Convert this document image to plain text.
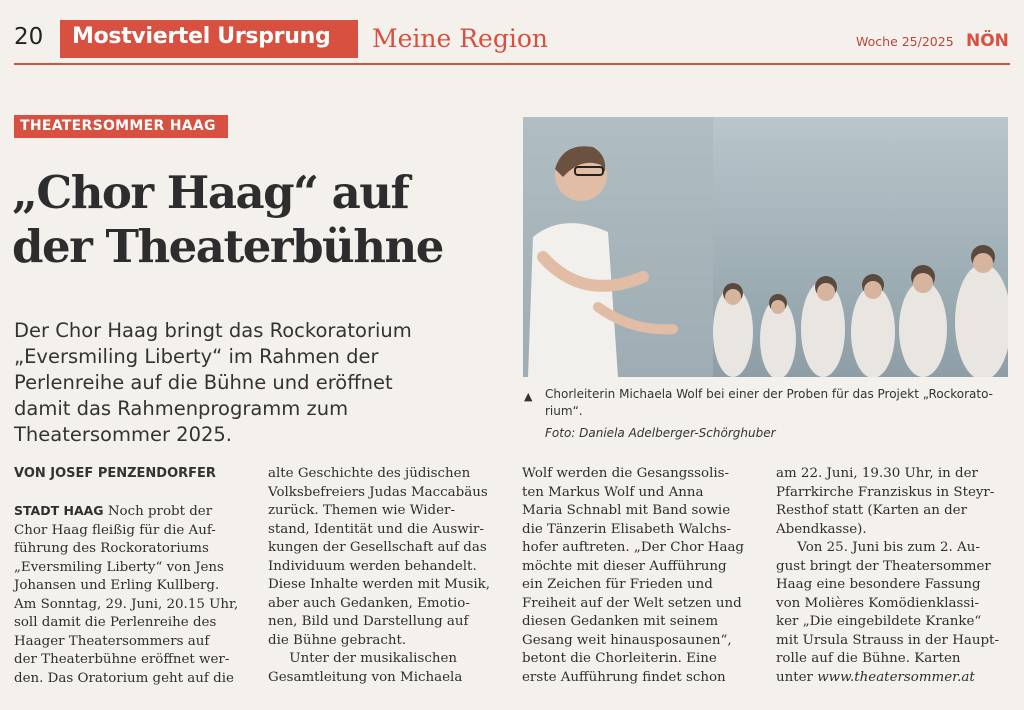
20 Mostviertel Ursprung Meine Region	Woche 25/2025 NÖN
THEATERSOMMER HAAG
„Chor Haag“ auf
der Theaterbühne
Der Chor Haag bringt das Rockoratorium
„Eversmiling Liberty“ im Rahmen der
Perlenreihe auf die Bühne und eröffnet
damit das Rahmenprogramm zum
Theatersommer 2025.
▲ Chorleiterin Michaela Wolf bei einer der Proben für das Projekt „Rockorato-
rium“.
Foto: Daniela Adelberger-Schörghuber
VON JOSEF PENZENDORFER
STADT HAAG Noch probt der
Chor Haag fleißig für die Auf-
führung des Rockoratoriums
„Eversmiling Liberty“ von Jens
Johansen und Erling Kullberg.
Am Sonntag, 29. Juni, 20.15 Uhr,
soll damit die Perlenreihe des
Haager Theatersommers auf
der Theaterbühne eröffnet wer-
den. Das Oratorium geht auf die
alte Geschichte des jüdischen
Volksbefreiers Judas Maccabäus
zurück. Themen wie Wider-
stand, Identität und die Auswir-
kungen der Gesellschaft auf das
Individuum werden behandelt.
Diese Inhalte werden mit Musik,
aber auch Gedanken, Emotio-
nen, Bild und Darstellung auf
die Bühne gebracht.
Unter der musikalischen
Gesamtleitung von Michaela
Wolf werden die Gesangssolis-
ten Markus Wolf und Anna
Maria Schnabl mit Band sowie
die Tänzerin Elisabeth Walchs-
hofer auftreten. „Der Chor Haag
möchte mit dieser Aufführung
ein Zeichen für Frieden und
Freiheit auf der Welt setzen und
diesen Gedanken mit seinem
Gesang weit hinausposaunen“,
betont die Chorleiterin. Eine
erste Aufführung findet schon
am 22. Juni, 19.30 Uhr, in der
Pfarrkirche Franziskus in Steyr-
Resthof statt (Karten an der
Abendkasse).
Von 25. Juni bis zum 2. Au-
gust bringt der Theatersommer
Haag eine besondere Fassung
von Molières Komödienklassi-
ker „Die eingebildete Kranke“
mit Ursula Strauss in der Haupt-
rolle auf die Bühne. Karten
unter www.theatersommer.at
